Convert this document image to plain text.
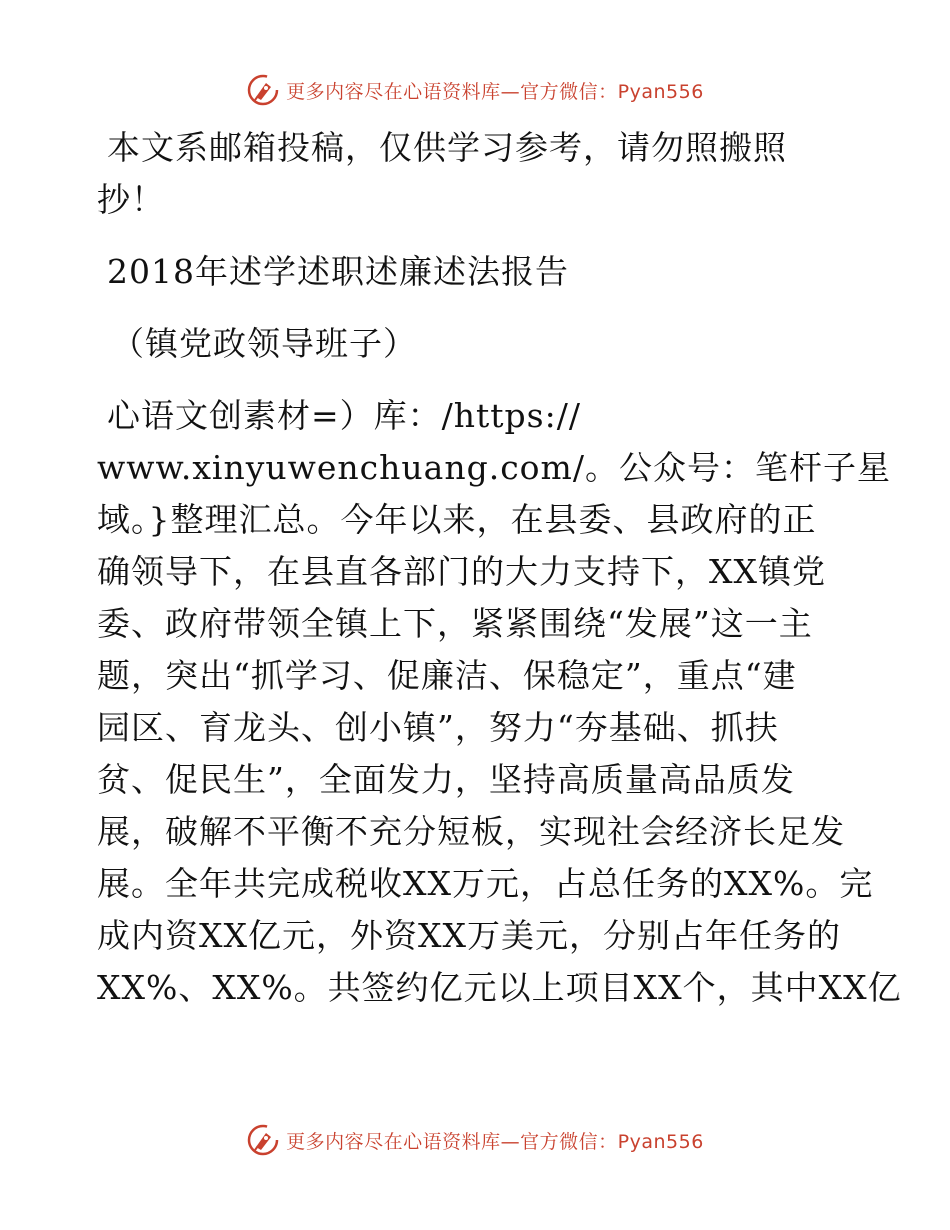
更多内容尽在心语资料库—官方微信：Pyan556
本文系邮箱投稿，仅供学习参考，请勿照搬照
抄！
2018年述学述职述廉述法报告
（镇党政领导班子）
心语文创素材=）库：/https://
www.xinyuwenchuang.com/。公众号：笔杆子星
域。}整理汇总。今年以来，在县委、县政府的正
确领导下，在县直各部门的大力支持下，XX镇党
委、政府带领全镇上下，紧紧围绕“发展”这一主
题，突出“抓学习、促廉洁、保稳定”，重点“建
园区、育龙头、创小镇”，努力“夯基础、抓扶
贫、促民生”，全面发力，坚持高质量高品质发
展，破解不平衡不充分短板，实现社会经济长足发
展。全年共完成税收XX万元，占总任务的XX%。完
成内资XX亿元，外资XX万美元，分别占年任务的
XX%、XX%。共签约亿元以上项目XX个，其中XX亿
更多内容尽在心语资料库—官方微信：Pyan556
